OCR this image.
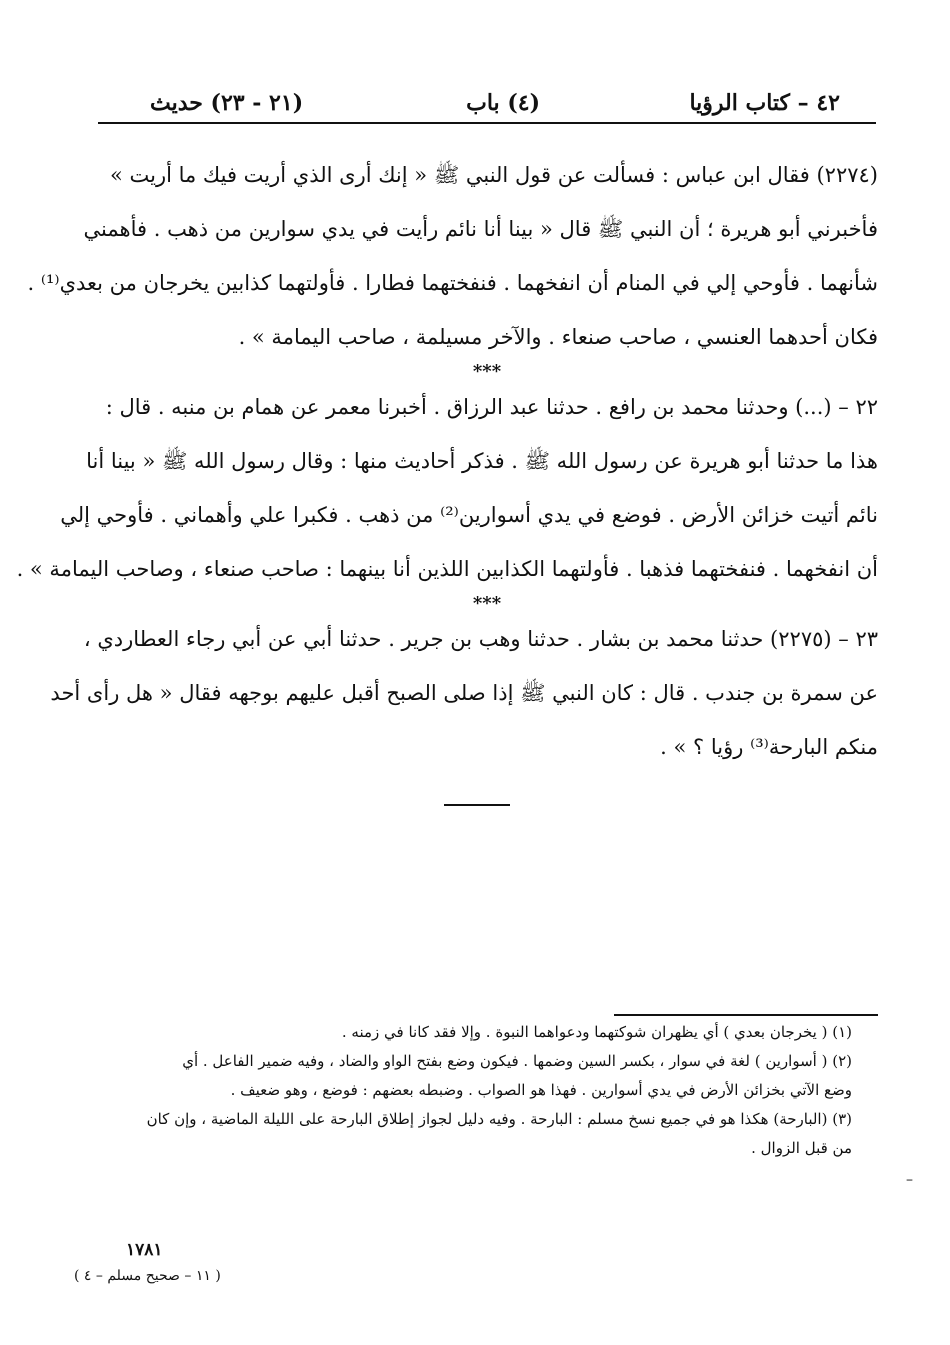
٤٢ – كتاب الرؤيا
(٤) باب
(٢١ - ٢٣) حديث
(٢٢٧٤) فقال ابن عباس : فسألت عن قول النبي ﷺ « إنك أرى الذي أريت فيك ما أريت »
فأخبرني أبو هريرة ؛ أن النبي ﷺ قال « بينا أنا نائم رأيت في يدي سوارين من ذهب . فأهمني
شأنهما . فأوحي إلي في المنام أن انفخهما . فنفختهما فطارا . فأولتهما كذابين يخرجان من بعدي⁽¹⁾ .
فكان أحدهما العنسي ، صاحب صنعاء . والآخر مسيلمة ، صاحب اليمامة » .
***
٢٢ – (...) وحدثنا محمد بن رافع . حدثنا عبد الرزاق . أخبرنا معمر عن همام بن منبه . قال :
هذا ما حدثنا أبو هريرة عن رسول الله ﷺ . فذكر أحاديث منها : وقال رسول الله ﷺ « بينا أنا
نائم أتيت خزائن الأرض . فوضع في يدي أسوارين⁽²⁾ من ذهب . فكبرا علي وأهماني . فأوحي إلي
أن انفخهما . فنفختهما فذهبا . فأولتهما الكذابين اللذين أنا بينهما : صاحب صنعاء ، وصاحب اليمامة » .
***
٢٣ – (٢٢٧٥) حدثنا محمد بن بشار . حدثنا وهب بن جرير . حدثنا أبي عن أبي رجاء العطاردي ،
عن سمرة بن جندب . قال : كان النبي ﷺ إذا صلى الصبح أقبل عليهم بوجهه فقال « هل رأى أحد
منكم البارحة⁽³⁾ رؤيا ؟ » .
(١) ( يخرجان بعدي ) أي يظهران شوكتهما ودعواهما النبوة . وإلا فقد كانا في زمنه .
(٢) ( أسوارين ) لغة في سوار ، بكسر السين وضمها . فيكون وضع بفتح الواو والضاد ، وفيه ضمير الفاعل . أي
وضع الآتي بخزائن الأرض في يدي أسوارين . فهذا هو الصواب . وضبطه بعضهم : فوضع ، وهو ضعيف .
(٣) (البارحة) هكذا هو في جميع نسخ مسلم : البارحة . وفيه دليل لجواز إطلاق البارحة على الليلة الماضية ، وإن كان
من قبل الزوال .
–
١٧٨١
( ١١ – صحيح مسلم – ٤ )
